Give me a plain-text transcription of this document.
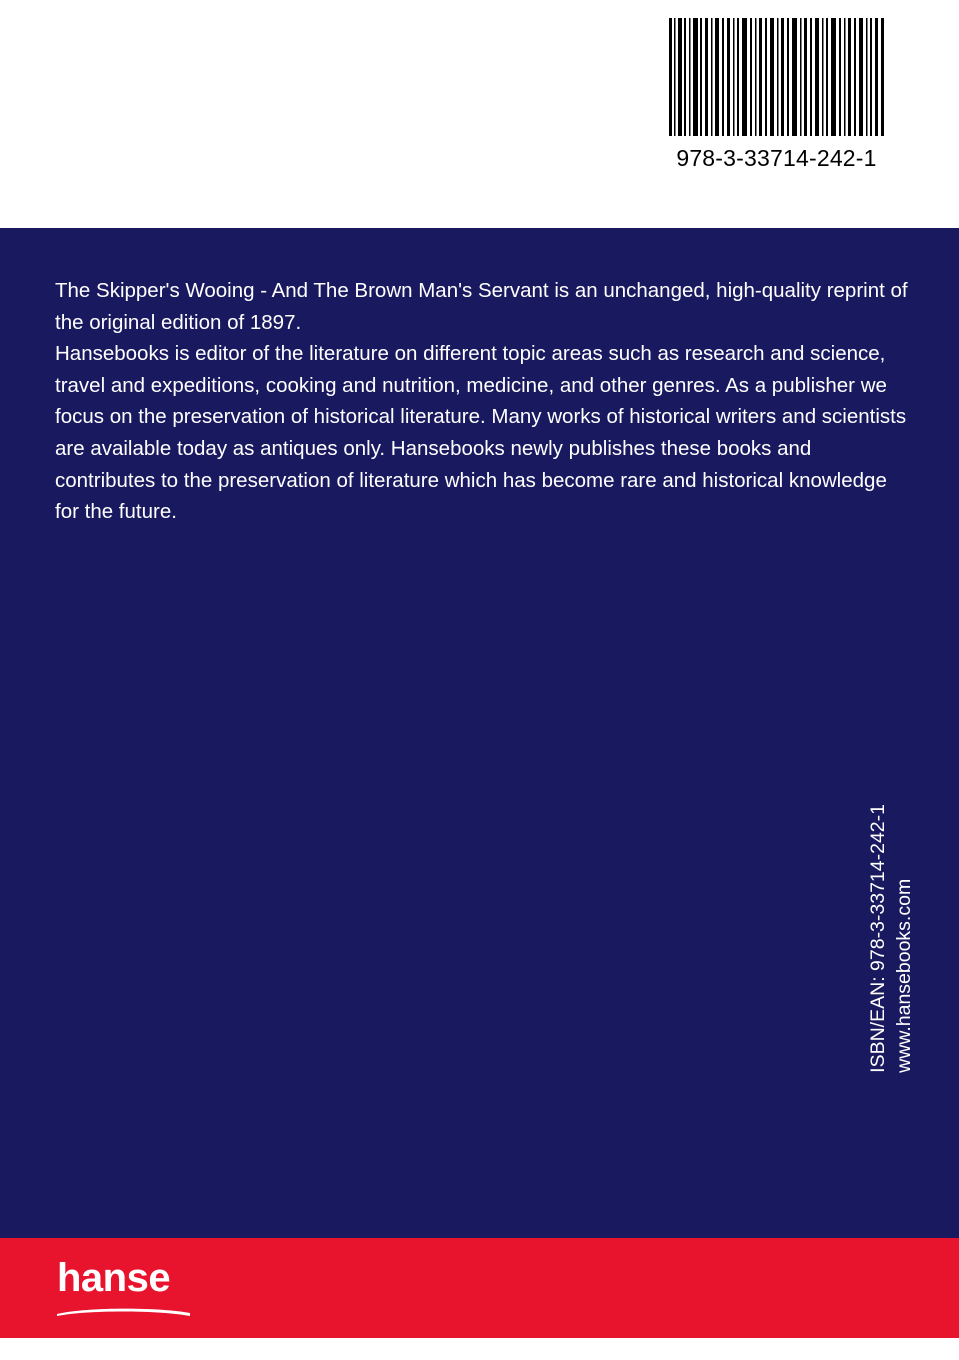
978-3-33714-242-1

The Skipper's Wooing - And The Brown Man's Servant is an unchanged, high-quality reprint of the original edition of 1897.

Hansebooks is editor of the literature on different topic areas such as research and science, travel and expeditions, cooking and nutrition, medicine, and other genres. As a publisher we focus on the preservation of historical literature. Many works of historical writers and scientists are available today as antiques only. Hansebooks newly publishes these books and contributes to the preservation of literature which has become rare and historical knowledge for the future.

ISBN/EAN: 978-3-33714-242-1 www.hansebooks.com
hanse
